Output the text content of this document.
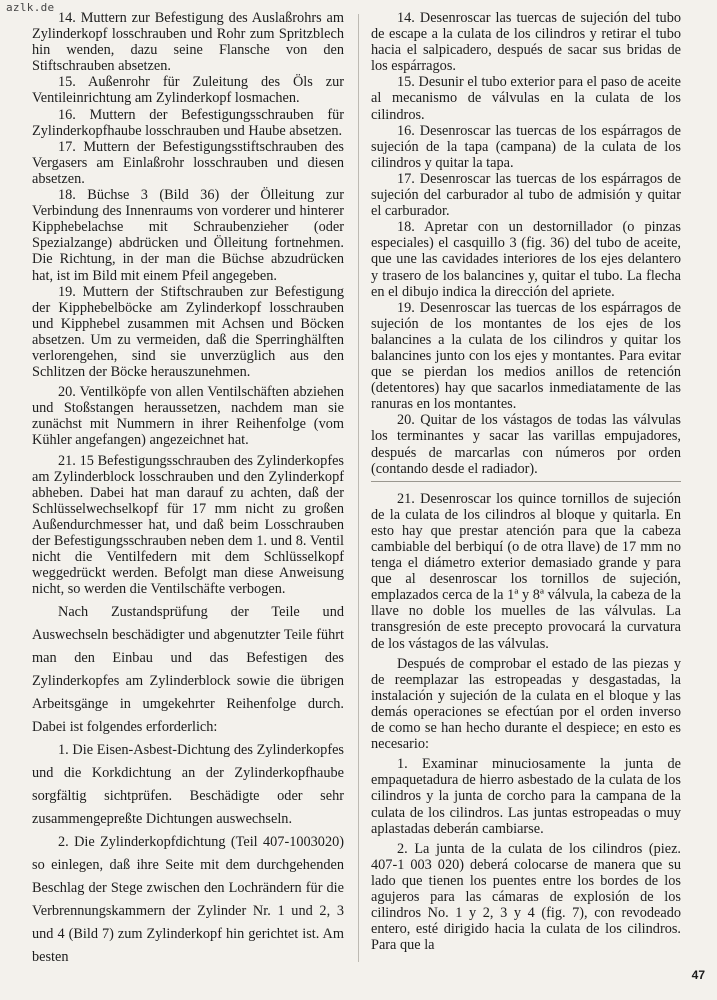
azlk.de

14. Muttern zur Befestigung des Auslaßrohrs am Zylinderkopf losschrauben und Rohr zum Spritzblech hin wenden, dazu seine Flansche von den Stiftschrauben absetzen.

15. Außenrohr für Zuleitung des Öls zur Ventileinrichtung am Zylinderkopf losmachen.

16. Muttern der Befestigungsschrauben für Zylinderkopfhaube losschrauben und Haube absetzen.

17. Muttern der Befestigungsstiftschrauben des Vergasers am Einlaßrohr losschrauben und diesen absetzen.

18. Büchse 3 (Bild 36) der Ölleitung zur Verbindung des Innenraums von vorderer und hinterer Kipphebelachse mit Schraubenzieher (oder Spezialzange) abdrücken und Ölleitung fortnehmen. Die Richtung, in der man die Büchse abzudrücken hat, ist im Bild mit einem Pfeil angegeben.

19. Muttern der Stiftschrauben zur Befestigung der Kipphebelböcke am Zylinderkopf losschrauben und Kipphebel zusammen mit Achsen und Böcken absetzen. Um zu vermeiden, daß die Sperringhälften verlorengehen, sind sie unverzüglich aus den Schlitzen der Böcke herauszunehmen.

20. Ventilköpfe von allen Ventilschäften abziehen und Stoßstangen heraussetzen, nachdem man sie zunächst mit Nummern in ihrer Reihenfolge (vom Kühler angefangen) angezeichnet hat.

21. 15 Befestigungsschrauben des Zylinderkopfes am Zylinderblock losschrauben und den Zylinderkopf abheben. Dabei hat man darauf zu achten, daß der Schlüsselwechselkopf für 17 mm nicht zu großen Außendurchmesser hat, und daß beim Losschrauben der Befestigungsschrauben neben dem 1. und 8. Ventil nicht die Ventilfedern mit dem Schlüsselkopf weggedrückt werden. Befolgt man diese Anweisung nicht, so werden die Ventilschäfte verbogen.

Nach Zustandsprüfung der Teile und Auswechseln beschädigter und abgenutzter Teile führt man den Einbau und das Befestigen des Zylinderkopfes am Zylinderblock sowie die übrigen Arbeitsgänge in umgekehrter Reihenfolge durch. Dabei ist folgendes erforderlich:

1. Die Eisen-Asbest-Dichtung des Zylinderkopfes und die Korkdichtung an der Zylinderkopfhaube sorgfältig sichtprüfen. Beschädigte oder sehr zusammengepreßte Dichtungen auswechseln.

2. Die Zylinderkopfdichtung (Teil 407-1003020) so einlegen, daß ihre Seite mit dem durchgehenden Beschlag der Stege zwischen den Lochrändern für die Verbrennungskammern der Zylinder Nr. 1 und 2, 3 und 4 (Bild 7) zum Zylinderkopf hin gerichtet ist. Am besten

14. Desenroscar las tuercas de sujeción del tubo de escape a la culata de los cilindros y retirar el tubo hacia el salpicadero, después de sacar sus bridas de los espárragos.

15. Desunir el tubo exterior para el paso de aceite al mecanismo de válvulas en la culata de los cilindros.

16. Desenroscar las tuercas de los espárragos de sujeción de la tapa (campana) de la culata de los cilindros y quitar la tapa.

17. Desenroscar las tuercas de los espárragos de sujeción del carburador al tubo de admisión y quitar el carburador.

18. Apretar con un destornillador (o pinzas especiales) el casquillo 3 (fig. 36) del tubo de aceite, que une las cavidades interiores de los ejes delantero y trasero de los balancines y, quitar el tubo. La flecha en el dibujo indica la dirección del apriete.

19. Desenroscar las tuercas de los espárragos de sujeción de los montantes de los ejes de los balancines a la culata de los cilindros y quitar los balancines junto con los ejes y montantes. Para evitar que se pierdan los medios anillos de retención (detentores) hay que sacarlos inmediatamente de las ranuras en los montantes.

20. Quitar de los vástagos de todas las válvulas los terminantes y sacar las varillas empujadores, después de marcarlas con números por orden (contando desde el radiador).

21. Desenroscar los quince tornillos de sujeción de la culata de los cilindros al bloque y quitarla. En esto hay que prestar atención para que la cabeza cambiable del berbiquí (o de otra llave) de 17 mm no tenga el diámetro exterior demasiado grande y para que al desenroscar los tornillos de sujeción, emplazados cerca de la 1ª y 8ª válvula, la cabeza de la llave no doble los muelles de las válvulas. La transgresión de este precepto provocará la curvatura de los vástagos de las válvulas.

Después de comprobar el estado de las piezas y de reemplazar las estropeadas y desgastadas, la instalación y sujeción de la culata en el bloque y las demás operaciones se efectúan por el orden inverso de como se han hecho durante el despiece; en esto es necesario:

1. Examinar minuciosamente la junta de empaquetadura de hierro asbestado de la culata de los cilindros y la junta de corcho para la campana de la culata de los cilindros. Las juntas estropeadas o muy aplastadas deberán cambiarse.

2. La junta de la culata de los cilindros (piez. 407-1 003 020) deberá colocarse de manera que su lado que tienen los puentes entre los bordes de los agujeros para las cámaras de explosión de los cilindros No. 1 y 2, 3 y 4 (fig. 7), con revodeado entero, esté dirigido hacia la culata de los cilindros. Para que la

47
